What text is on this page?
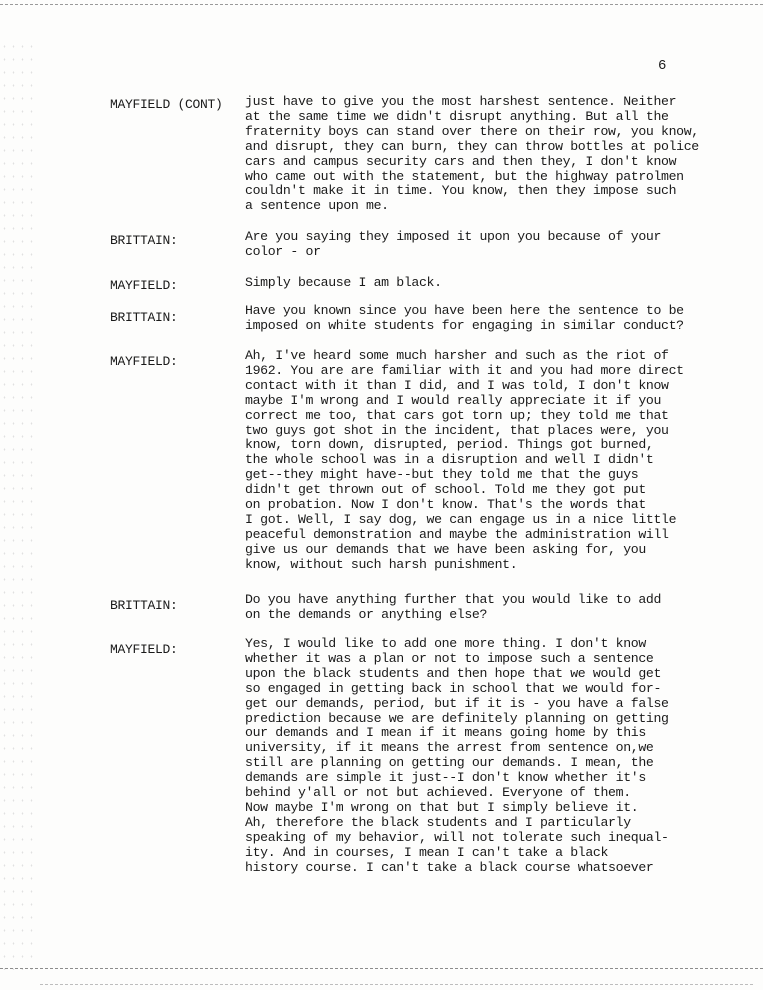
6
MAYFIELD (CONT)	just have to give you the most harshest sentence. Neither
at the same time we didn't disrupt anything. But all the
fraternity boys can stand over there on their row, you know,
and disrupt, they can burn, they can throw bottles at police
cars and campus security cars and then they, I don't know
who came out with the statement, but the highway patrolmen
couldn't make it in time. You know, then they impose such
a sentence upon me.
BRITTAIN:	Are you saying they imposed it upon you because of your
color - or
MAYFIELD:	Simply because I am black.
BRITTAIN:	Have you known since you have been here the sentence to be
imposed on white students for engaging in similar conduct?
MAYFIELD:	Ah, I've heard some much harsher and such as the riot of
1962. You are are familiar with it and you had more direct
contact with it than I did, and I was told, I don't know
maybe I'm wrong and I would really appreciate it if you
correct me too, that cars got torn up; they told me that
two guys got shot in the incident, that places were, you
know, torn down, disrupted, period. Things got burned,
the whole school was in a disruption and well I didn't
get--they might have--but they told me that the guys
didn't get thrown out of school. Told me they got put
on probation. Now I don't know. That's the words that
I got. Well, I say dog, we can engage us in a nice little
peaceful demonstration and maybe the administration will
give us our demands that we have been asking for, you
know, without such harsh punishment.
BRITTAIN:	Do you have anything further that you would like to add
on the demands or anything else?
MAYFIELD:	Yes, I would like to add one more thing. I don't know
whether it was a plan or not to impose such a sentence
upon the black students and then hope that we would get
so engaged in getting back in school that we would for-
get our demands, period, but if it is - you have a false
prediction because we are definitely planning on getting
our demands and I mean if it means going home by this
university, if it means the arrest from sentence on,we
still are planning on getting our demands. I mean, the
demands are simple it just--I don't know whether it's
behind y'all or not but achieved. Everyone of them.
Now maybe I'm wrong on that but I simply believe it.
Ah, therefore the black students and I particularly
speaking of my behavior, will not tolerate such inequal-
ity. And in courses, I mean I can't take a black
history course. I can't take a black course whatsoever
